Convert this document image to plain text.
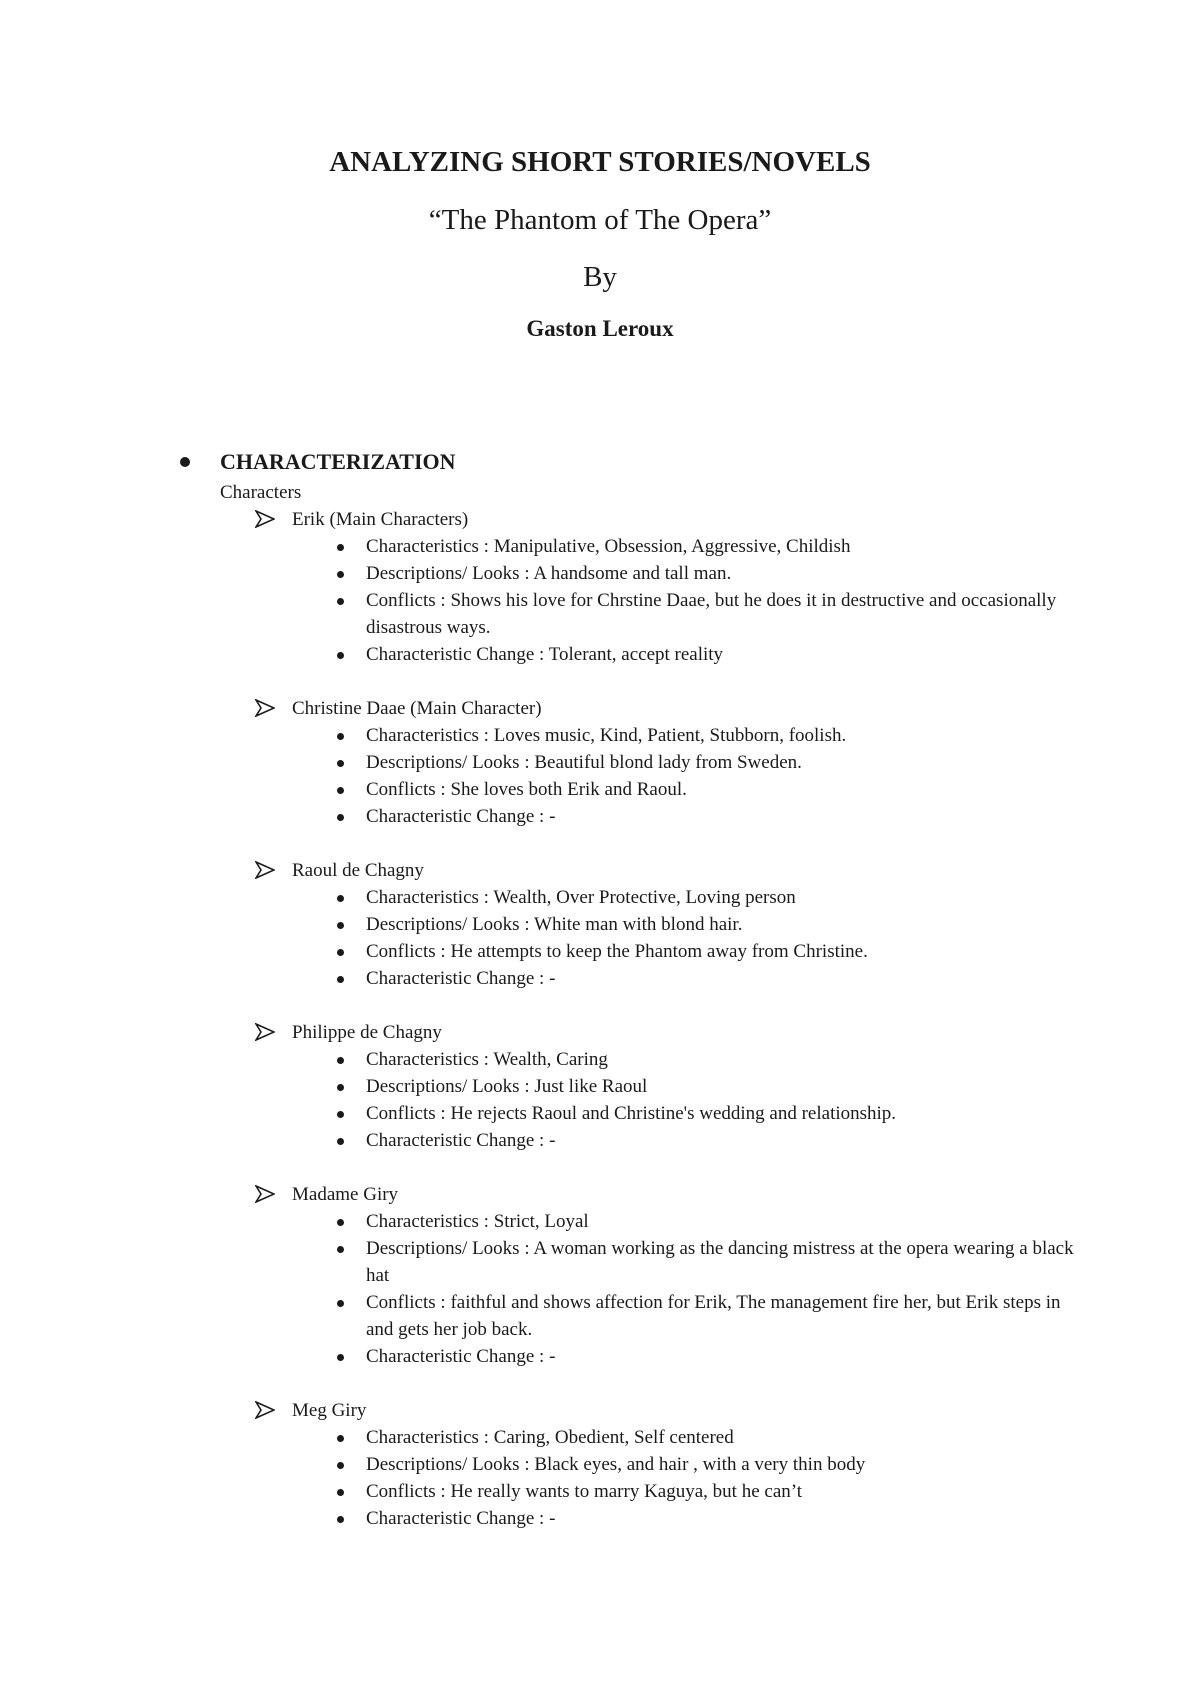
ANALYZING SHORT STORIES/NOVELS
“The Phantom of The Opera”
By
Gaston Leroux
CHARACTERIZATION
Characters
Erik (Main Characters)
Characteristics : Manipulative, Obsession, Aggressive, Childish
Descriptions/ Looks : A handsome and tall man.
Conflicts : Shows his love for Chrstine Daae, but he does it in destructive and occasionally disastrous ways.
Characteristic Change : Tolerant, accept reality
Christine Daae (Main Character)
Characteristics : Loves music, Kind, Patient, Stubborn, foolish.
Descriptions/ Looks : Beautiful blond lady from Sweden.
Conflicts : She loves both Erik and Raoul.
Characteristic Change : -
Raoul de Chagny
Characteristics : Wealth, Over Protective, Loving person
Descriptions/ Looks : White man with blond hair.
Conflicts : He attempts to keep the Phantom away from Christine.
Characteristic Change : -
Philippe de Chagny
Characteristics : Wealth, Caring
Descriptions/ Looks : Just like Raoul
Conflicts : He rejects Raoul and Christine's wedding and relationship.
Characteristic Change : -
Madame Giry
Characteristics : Strict, Loyal
Descriptions/ Looks : A woman working as the dancing mistress at the opera wearing a black hat
Conflicts : faithful and shows affection for Erik, The management fire her, but Erik steps in and gets her job back.
Characteristic Change : -
Meg Giry
Characteristics : Caring, Obedient, Self centered
Descriptions/ Looks : Black eyes, and hair , with a very thin body
Conflicts : He really wants to marry Kaguya, but he can’t
Characteristic Change : -
